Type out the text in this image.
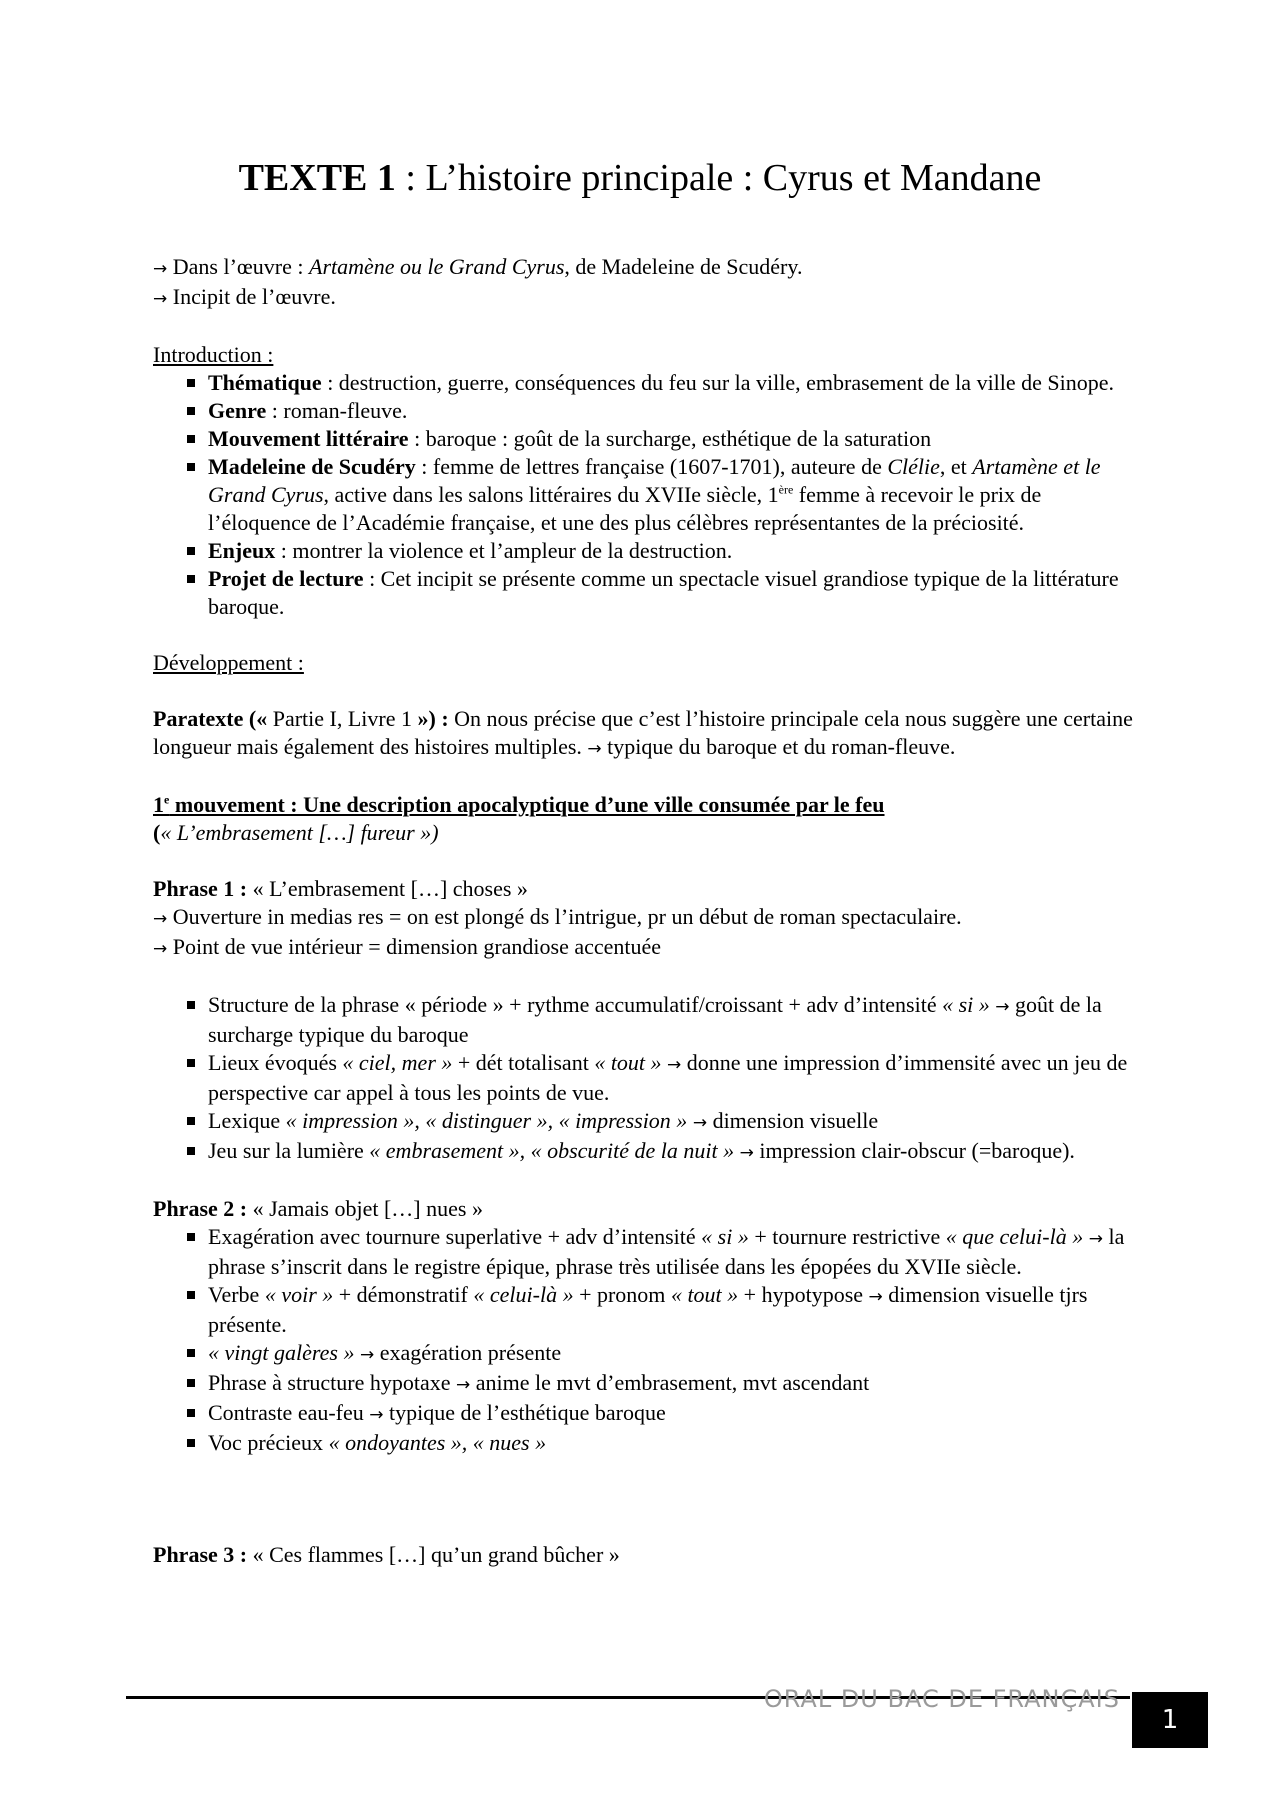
TEXTE 1 : L’histoire principale : Cyrus et Mandane

→ Dans l’œuvre : Artamène ou le Grand Cyrus, de Madeleine de Scudéry.

→ Incipit de l’œuvre.

Introduction :

Thématique : destruction, guerre, conséquences du feu sur la ville, embrasement de la ville de Sinope.
Genre : roman-fleuve.
Mouvement littéraire : baroque : goût de la surcharge, esthétique de la saturation
Madeleine de Scudéry : femme de lettres française (1607-1701), auteure de Clélie, et Artamène et le Grand Cyrus, active dans les salons littéraires du XVIIe siècle, 1ère femme à recevoir le prix de l’éloquence de l’Académie française, et une des plus célèbres représentantes de la préciosité.
Enjeux : montrer la violence et l’ampleur de la destruction.
Projet de lecture : Cet incipit se présente comme un spectacle visuel grandiose typique de la littérature baroque.

Développement :

Paratexte (« Partie I, Livre 1 ») : On nous précise que c’est l’histoire principale cela nous suggère une certaine longueur mais également des histoires multiples. → typique du baroque et du roman-fleuve.

1e mouvement : Une description apocalyptique d’une ville consumée par le feu

(« L’embrasement […] fureur »)

Phrase 1 : « L’embrasement […] choses »

→ Ouverture in medias res = on est plongé ds l’intrigue, pr un début de roman spectaculaire.

→ Point de vue intérieur = dimension grandiose accentuée

Structure de la phrase « période » + rythme accumulatif/croissant + adv d’intensité « si » → goût de la surcharge typique du baroque
Lieux évoqués « ciel, mer » + dét totalisant « tout » → donne une impression d’immensité avec un jeu de perspective car appel à tous les points de vue.
Lexique « impression », « distinguer », « impression » → dimension visuelle
Jeu sur la lumière « embrasement », « obscurité de la nuit » → impression clair-obscur (=baroque).

Phrase 2 : « Jamais objet […] nues »

Exagération avec tournure superlative + adv d’intensité « si » + tournure restrictive « que celui-là » → la phrase s’inscrit dans le registre épique, phrase très utilisée dans les épopées du XVIIe siècle.
Verbe « voir » + démonstratif « celui-là » + pronom « tout » + hypotypose → dimension visuelle tjrs présente.
« vingt galères » → exagération présente
Phrase à structure hypotaxe → anime le mvt d’embrasement, mvt ascendant
Contraste eau-feu → typique de l’esthétique baroque
Voc précieux « ondoyantes », « nues »

Phrase 3 : « Ces flammes […] qu’un grand bûcher »

ORAL DU BAC DE FRANÇAIS
1
